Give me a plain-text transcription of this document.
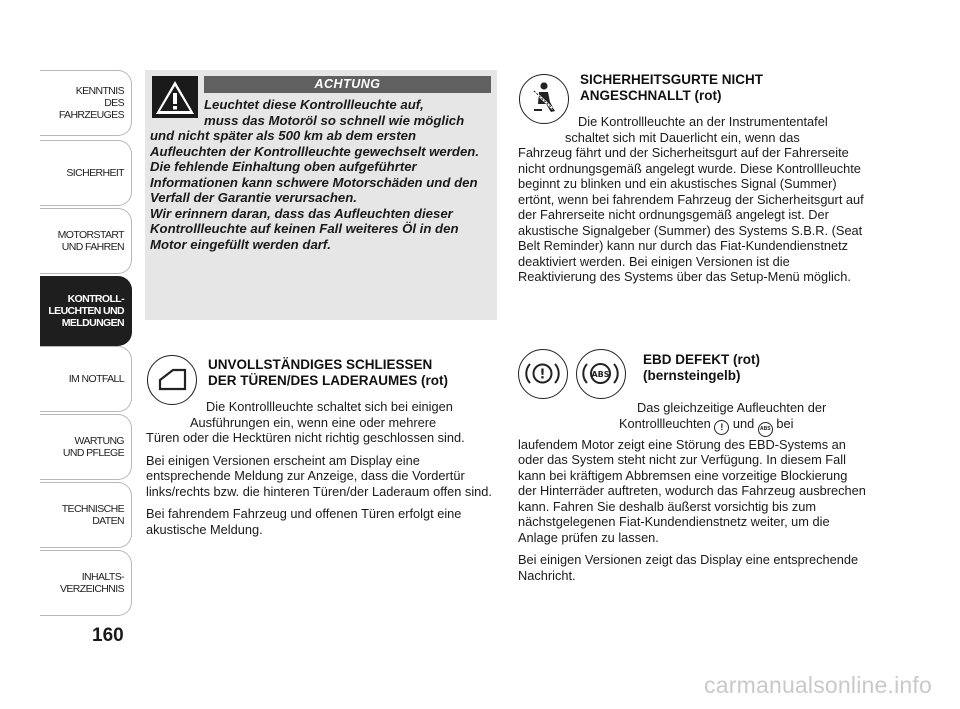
KENNTNIS
DES FAHRZEUGES
SICHERHEIT
MOTORSTART
UND FAHREN
KONTROLL-
LEUCHTEN UND
MELDUNGEN
IM NOTFALL
WARTUNG
UND PFLEGE
TECHNISCHE
DATEN
INHALTS-
VERZEICHNIS
160
ACHTUNG
Leuchtet diese Kontrollleuchte auf,
muss das Motoröl so schnell wie möglich

und nicht später als 500 km ab dem ersten Aufleuchten der Kontrollleuchte gewechselt werden.

Die fehlende Einhaltung oben aufgeführter Informationen kann schwere Motorschäden und den Verfall der Garantie verursachen.

Wir erinnern daran, dass das Aufleuchten dieser Kontrollleuchte auf keinen Fall weiteres Öl in den Motor eingefüllt werden darf.

UNVOLLSTÄNDIGES SCHLIESSEN
DER TÜREN/DES LADERAUMES (rot)
Die Kontrollleuchte schaltet sich bei einigen
Ausführungen ein, wenn eine oder mehrere

Türen oder die Hecktüren nicht richtig geschlossen sind.

Bei einigen Versionen erscheint am Display eine entsprechende Meldung zur Anzeige, dass die Vordertür links/rechts bzw. die hinteren Türen/der Laderaum offen sind.

Bei fahrendem Fahrzeug und offenen Türen erfolgt eine akustische Meldung.

SICHERHEITSGURTE NICHT
ANGESCHNALLT (rot)
Die Kontrollleuchte an der Instrumententafel
schaltet sich mit Dauerlicht ein, wenn das

Fahrzeug fährt und der Sicherheitsgurt auf der Fahrerseite nicht ordnungsgemäß angelegt wurde. Diese Kontrollleuchte beginnt zu blinken und ein akustisches Signal (Summer) ertönt, wenn bei fahrendem Fahrzeug der Sicherheitsgurt auf der Fahrerseite nicht ordnungsgemäß angelegt ist. Der akustische Signalgeber (Summer) des Systems S.B.R. (Seat Belt Reminder) kann nur durch das Fiat-Kundendienstnetz deaktiviert werden. Bei einigen Versionen ist die Reaktivierung des Systems über das Setup-Menü möglich.

!	ABS
EBD DEFEKT (rot)
(bernsteingelb)
Das gleichzeitige Aufleuchten der
Kontrollleuchten ! und ABS bei

laufendem Motor zeigt eine Störung des EBD-Systems an oder das System steht nicht zur Verfügung. In diesem Fall kann bei kräftigem Abbremsen eine vorzeitige Blockierung der Hinterräder auftreten, wodurch das Fahrzeug ausbrechen kann. Fahren Sie deshalb äußerst vorsichtig bis zum nächstgelegenen Fiat-Kundendienstnetz weiter, um die Anlage prüfen zu lassen.

Bei einigen Versionen zeigt das Display eine entsprechende Nachricht.

carmanualsonline.info
